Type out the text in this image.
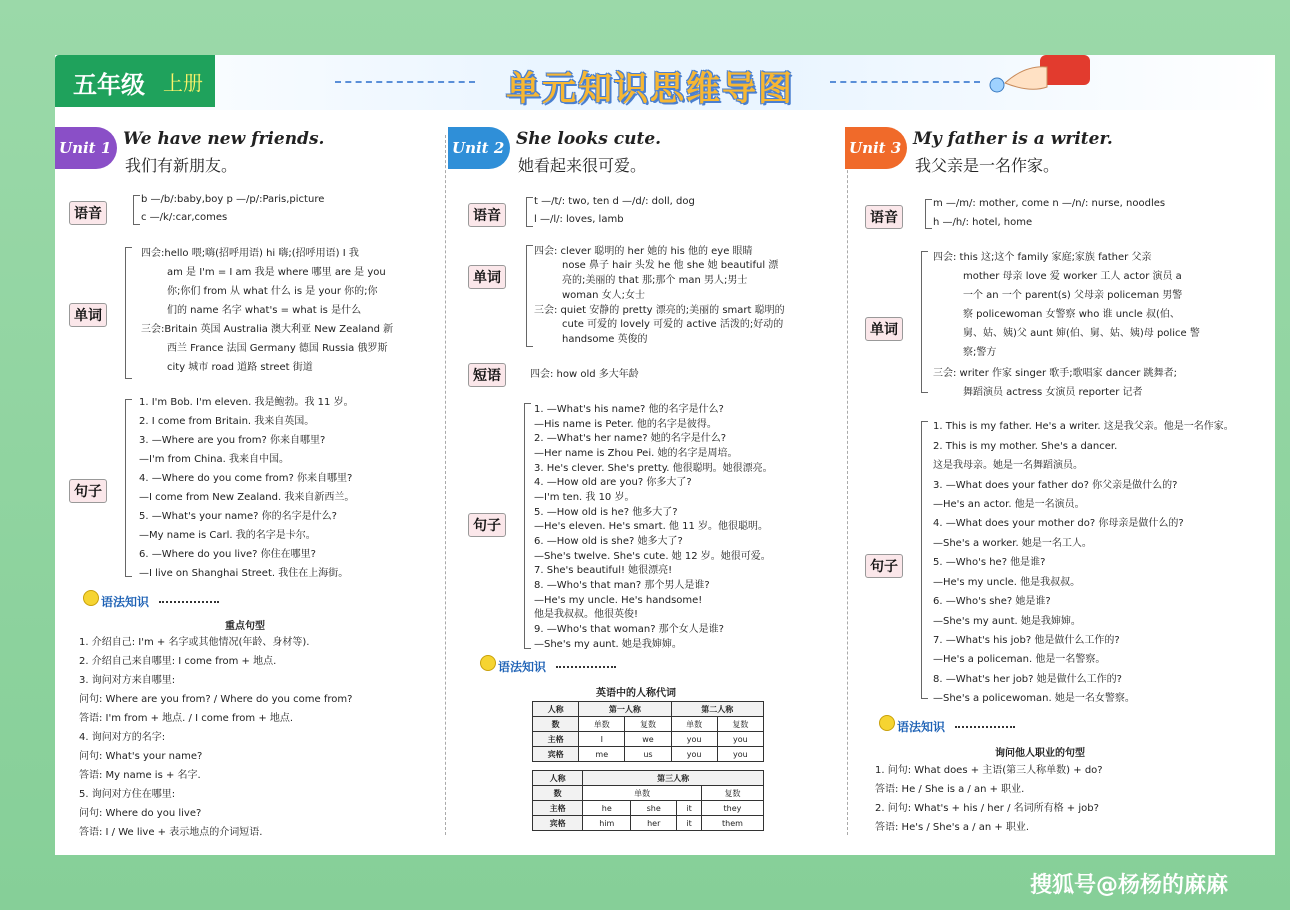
五年级 上册	单元知识思维导图
Unit 1 We have new friends.
我们有新朋友。
语音
b —/b/:baby,boy p —/p/:Paris,picture
c —/k/:car,comes
单词
四会:hello 喂;嗨(招呼用语) hi 嗨;(招呼用语) I 我
am 是 I'm = I am 我是 where 哪里 are 是 you
你;你们 from 从 what 什么 is 是 your 你的;你
们的 name 名字 what's = what is 是什么
三会:Britain 英国 Australia 澳大利亚 New Zealand 新
西兰 France 法国 Germany 德国 Russia 俄罗斯
city 城市 road 道路 street 街道
句子
1. I'm Bob. I'm eleven. 我是鲍勃。我 11 岁。
2. I come from Britain. 我来自英国。
3. —Where are you from? 你来自哪里?
—I'm from China. 我来自中国。
4. —Where do you come from? 你来自哪里?
—I come from New Zealand. 我来自新西兰。
5. —What's your name? 你的名字是什么?
—My name is Carl. 我的名字是卡尔。
6. —Where do you live? 你住在哪里?
—I live on Shanghai Street. 我住在上海街。
语法知识
重点句型
1. 介绍自己: I'm + 名字或其他情况(年龄、身材等).
2. 介绍自己来自哪里: I come from + 地点.
3. 询问对方来自哪里:
问句: Where are you from? / Where do you come from?
答语: I'm from + 地点. / I come from + 地点.
4. 询问对方的名字:
问句: What's your name?
答语: My name is + 名字.
5. 询问对方住在哪里:
问句: Where do you live?
答语: I / We live + 表示地点的介词短语.
Unit 2 She looks cute.
她看起来很可爱。
语音
t —/t/: two, ten d —/d/: doll, dog
l —/l/: loves, lamb
单词
四会: clever 聪明的 her 她的 his 他的 eye 眼睛
nose 鼻子 hair 头发 he 他 she 她 beautiful 漂
亮的;美丽的 that 那;那个 man 男人;男士
woman 女人;女士
三会: quiet 安静的 pretty 漂亮的;美丽的 smart 聪明的
cute 可爱的 lovely 可爱的 active 活泼的;好动的
handsome 英俊的
短语	四会: how old 多大年龄
句子
1. —What's his name? 他的名字是什么?
—His name is Peter. 他的名字是彼得。
2. —What's her name? 她的名字是什么?
—Her name is Zhou Pei. 她的名字是周培。
3. He's clever. She's pretty. 他很聪明。她很漂亮。
4. —How old are you? 你多大了?
—I'm ten. 我 10 岁。
5. —How old is he? 他多大了?
—He's eleven. He's smart. 他 11 岁。他很聪明。
6. —How old is she? 她多大了?
—She's twelve. She's cute. 她 12 岁。她很可爱。
7. She's beautiful! 她很漂亮!
8. —Who's that man? 那个男人是谁?
—He's my uncle. He's handsome!
他是我叔叔。他很英俊!
9. —Who's that woman? 那个女人是谁?
—She's my aunt. 她是我婶婶。
语法知识
英语中的人称代词
人称	第一人称		第二人称	
数	单数	复数	单数	复数
主格	I	we	you	you
宾格	me	us	you	you
人称	第三人称			
数	单数			复数
主格	he	she	it	they
宾格	him	her	it	them
Unit 3 My father is a writer.
我父亲是一名作家。
语音
m —/m/: mother, come n —/n/: nurse, noodles
h —/h/: hotel, home
单词
四会: this 这;这个 family 家庭;家族 father 父亲
mother 母亲 love 爱 worker 工人 actor 演员 a
一个 an 一个 parent(s) 父母亲 policeman 男警
察 policewoman 女警察 who 谁 uncle 叔(伯、
舅、姑、姨)父 aunt 婶(伯、舅、姑、姨)母 police 警
察;警方
三会: writer 作家 singer 歌手;歌唱家 dancer 跳舞者;
舞蹈演员 actress 女演员 reporter 记者
句子
1. This is my father. He's a writer. 这是我父亲。他是一名作家。
2. This is my mother. She's a dancer.
这是我母亲。她是一名舞蹈演员。
3. —What does your father do? 你父亲是做什么的?
—He's an actor. 他是一名演员。
4. —What does your mother do? 你母亲是做什么的?
—She's a worker. 她是一名工人。
5. —Who's he? 他是谁?
—He's my uncle. 他是我叔叔。
6. —Who's she? 她是谁?
—She's my aunt. 她是我婶婶。
7. —What's his job? 他是做什么工作的?
—He's a policeman. 他是一名警察。
8. —What's her job? 她是做什么工作的?
—She's a policewoman. 她是一名女警察。
语法知识
询问他人职业的句型
1. 问句: What does + 主语(第三人称单数) + do?
答语: He / She is a / an + 职业.
2. 问句: What's + his / her / 名词所有格 + job?
答语: He's / She's a / an + 职业.
搜狐号@杨杨的麻麻
